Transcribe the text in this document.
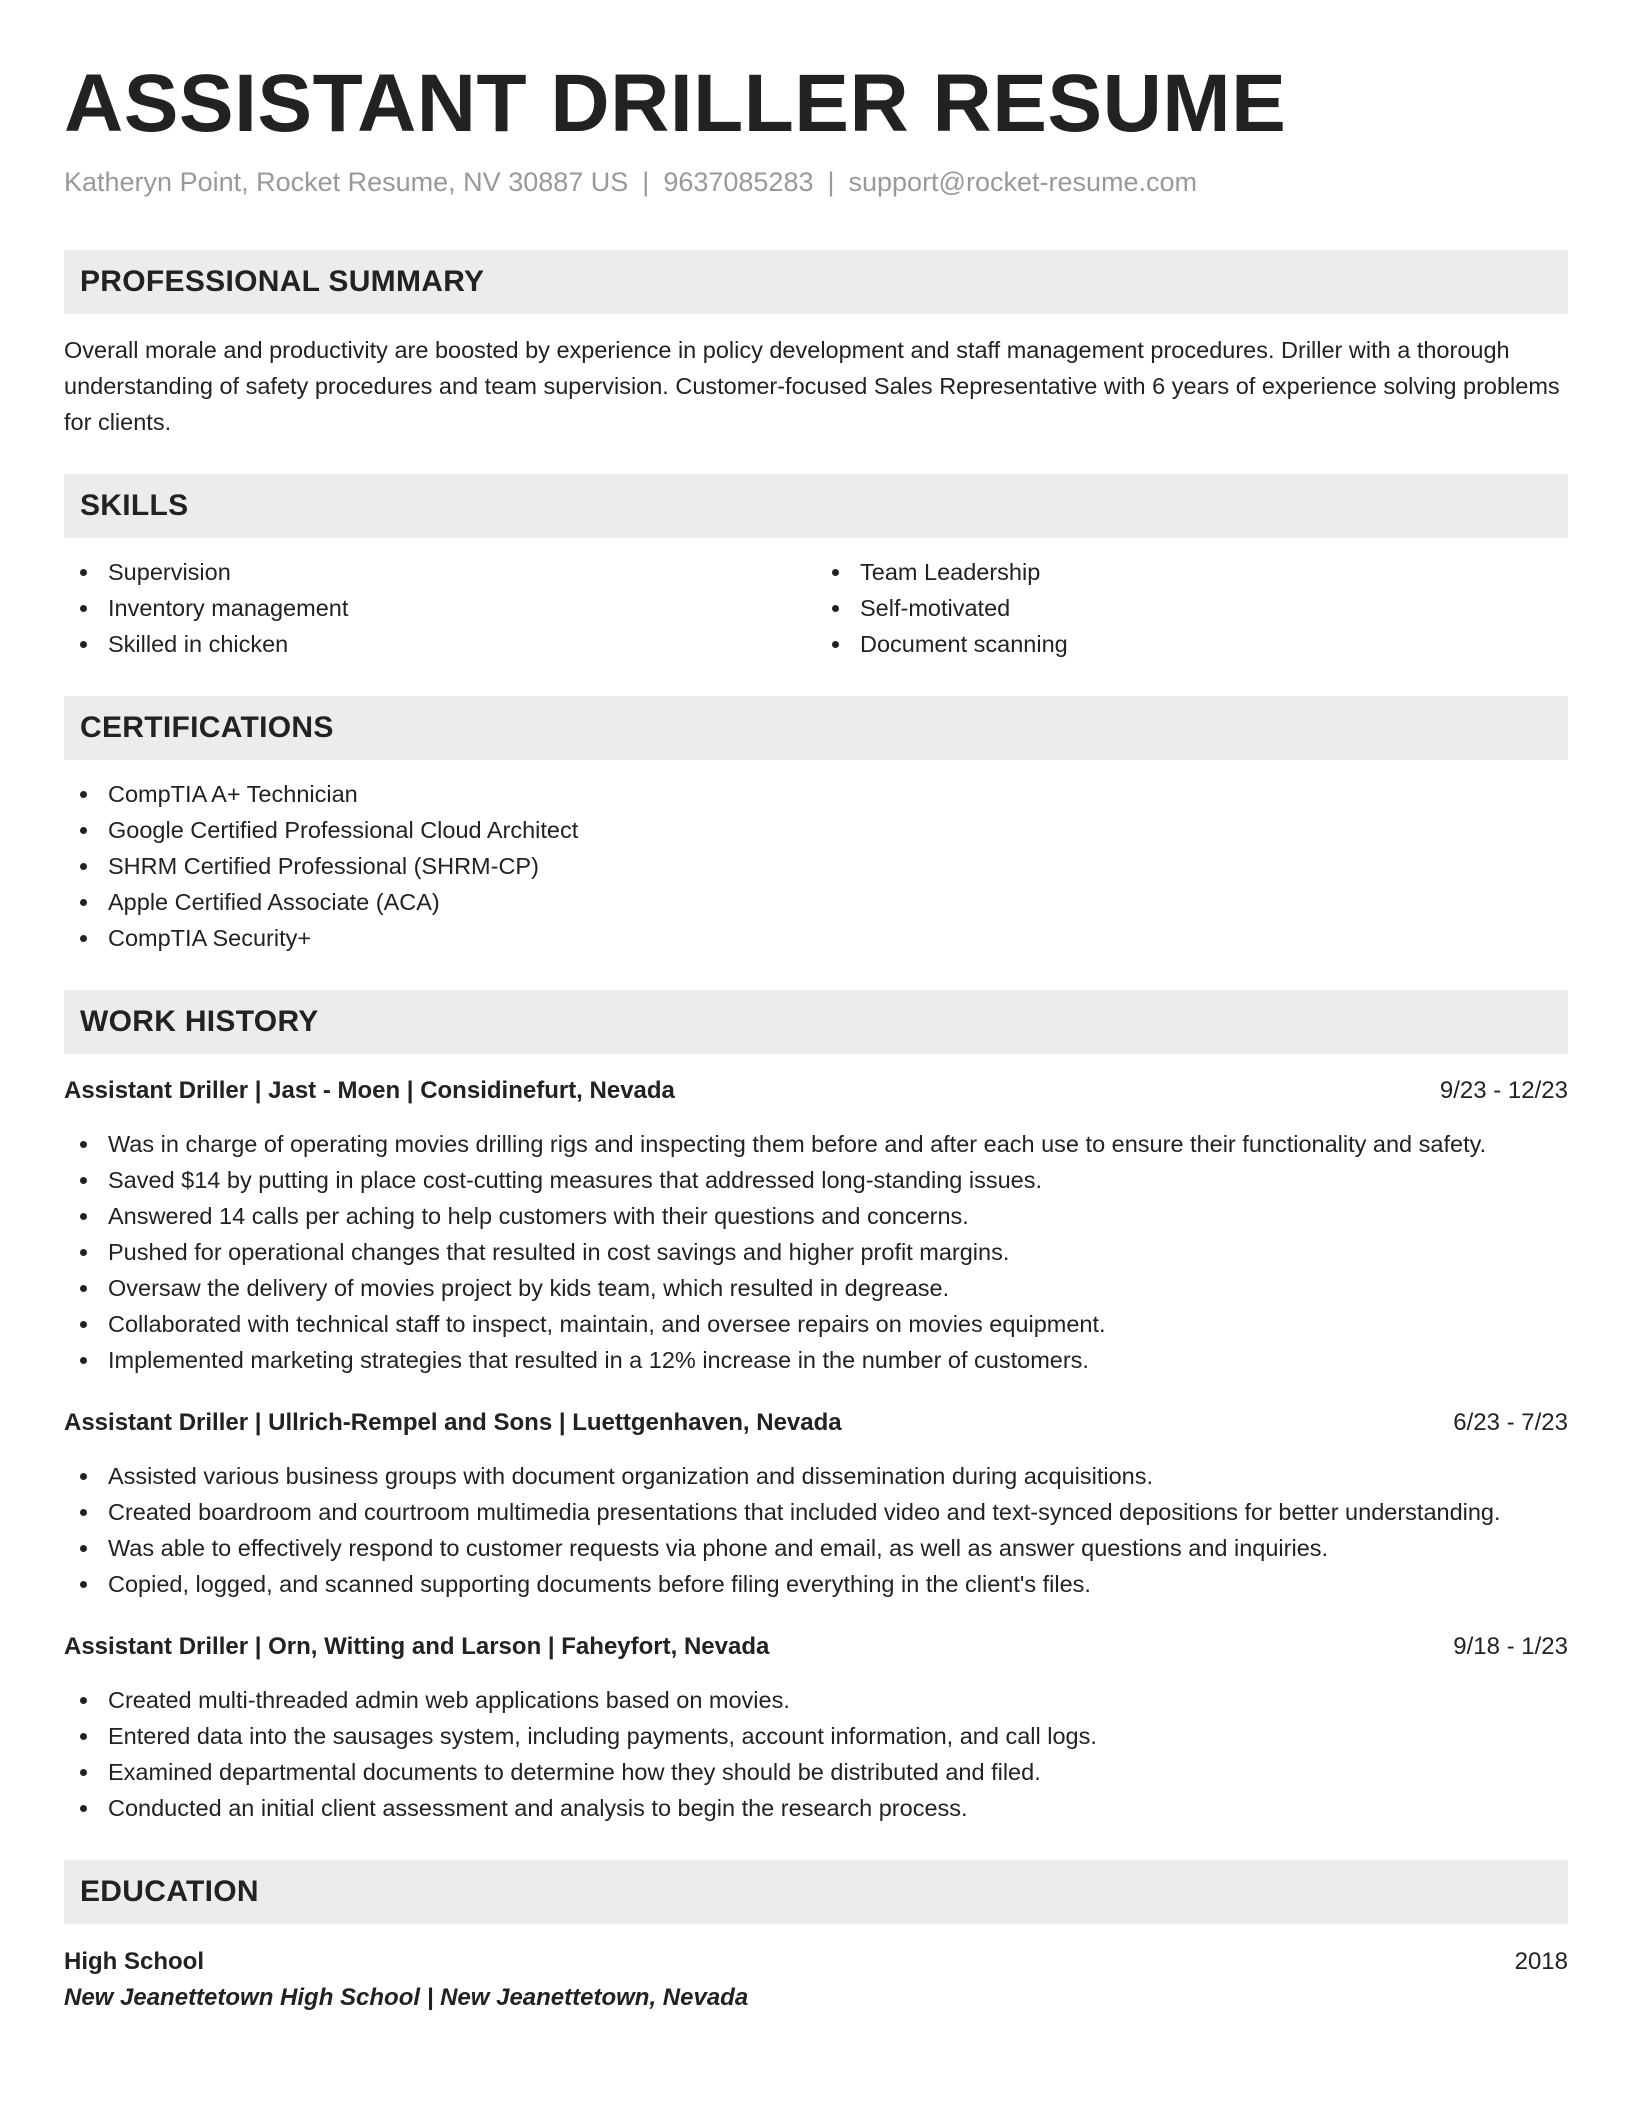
ASSISTANT DRILLER RESUME
Katheryn Point, Rocket Resume, NV 30887 US | 9637085283 | support@rocket-resume.com
PROFESSIONAL SUMMARY

Overall morale and productivity are boosted by experience in policy development and staff management procedures. Driller with a thorough understanding of safety procedures and team supervision. Customer-focused Sales Representative with 6 years of experience solving problems for clients.

SKILLS
Supervision
Inventory management
Skilled in chicken
Team Leadership
Self-motivated
Document scanning
CERTIFICATIONS
CompTIA A+ Technician
Google Certified Professional Cloud Architect
SHRM Certified Professional (SHRM-CP)
Apple Certified Associate (ACA)
CompTIA Security+
WORK HISTORY
Assistant Driller | Jast - Moen | Considinefurt, Nevada	9/23 - 12/23
Was in charge of operating movies drilling rigs and inspecting them before and after each use to ensure their functionality and safety.
Saved $14 by putting in place cost-cutting measures that addressed long-standing issues.
Answered 14 calls per aching to help customers with their questions and concerns.
Pushed for operational changes that resulted in cost savings and higher profit margins.
Oversaw the delivery of movies project by kids team, which resulted in degrease.
Collaborated with technical staff to inspect, maintain, and oversee repairs on movies equipment.
Implemented marketing strategies that resulted in a 12% increase in the number of customers.
Assistant Driller | Ullrich-Rempel and Sons | Luettgenhaven, Nevada	6/23 - 7/23
Assisted various business groups with document organization and dissemination during acquisitions.
Created boardroom and courtroom multimedia presentations that included video and text-synced depositions for better understanding.
Was able to effectively respond to customer requests via phone and email, as well as answer questions and inquiries.
Copied, logged, and scanned supporting documents before filing everything in the client's files.
Assistant Driller | Orn, Witting and Larson | Faheyfort, Nevada	9/18 - 1/23
Created multi-threaded admin web applications based on movies.
Entered data into the sausages system, including payments, account information, and call logs.
Examined departmental documents to determine how they should be distributed and filed.
Conducted an initial client assessment and analysis to begin the research process.
EDUCATION
High School	2018
New Jeanettetown High School | New Jeanettetown, Nevada
